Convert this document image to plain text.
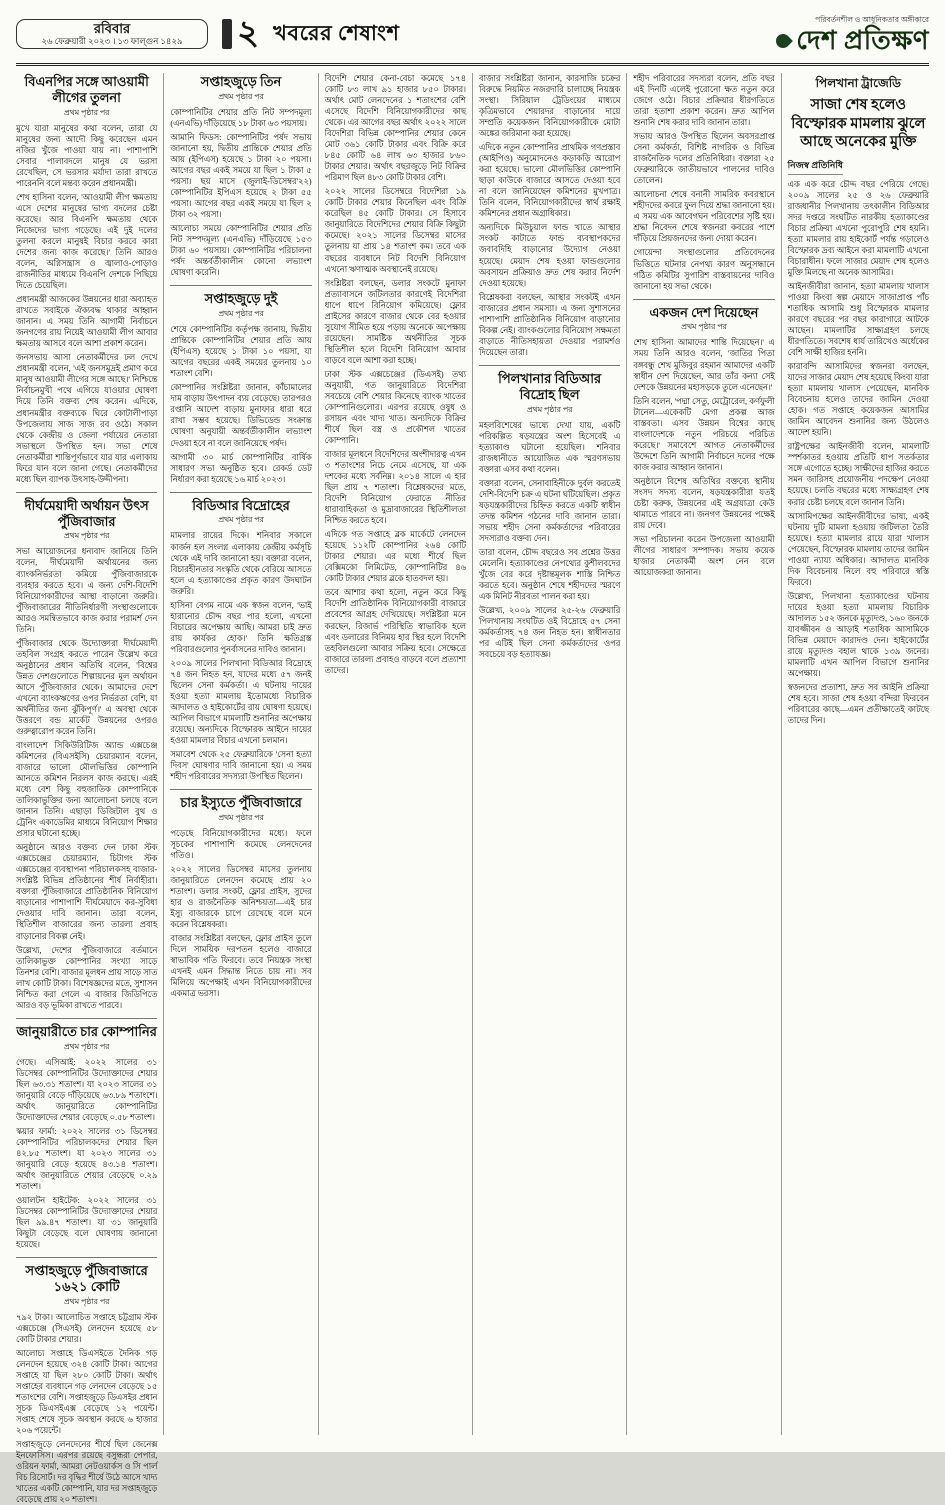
রবিবার
২৬ ফেব্রুয়ারী ২০২৩ । ১৩ ফাল্গুন ১৪২৯	২ খবরের শেষাংশ
পরিবর্তনশীল ও আধুনিকতার অঙ্গীকারে
দেশ প্রতিক্ষণ
বিএনপির সঙ্গে আওয়ামী লীগের তুলনা
প্রথম পৃষ্ঠার পর

মুখে যারা মানুষের কথা বলেন, তারা যে মানুষের জন্য আদৌ কিছু করেছেন এমন নজির খুঁজে পাওয়া যায় না। পাশাপাশি সেবার পালাবদলে মানুষ যে ভরসা রেখেছিল, সে ভরসার মর্যাদা তারা রাখতে পারেননি বলে মন্তব্য করেন প্রধানমন্ত্রী।

শেখ হাসিনা বলেন, 'আওয়ামী লীগ ক্ষমতায় এসে দেশের মানুষের ভাগ্য বদলের চেষ্টা করেছে। আর বিএনপি ক্ষমতায় থেকে নিজেদের ভাগ্য গড়েছে। এই দুই দলের তুলনা করলে মানুষই বিচার করবে কারা দেশের জন্য কাজ করেছে।' তিনি আরও বলেন, অগ্নিসন্ত্রাস ও জ্বালাও-পোড়াও রাজনীতির মাধ্যমে বিএনপি দেশকে পিছিয়ে দিতে চেয়েছিল।

প্রধানমন্ত্রী আজকের উন্নয়নের ধারা অব্যাহত রাখতে সবাইকে ঐক্যবদ্ধ থাকার আহ্বান জানান। এ সময় তিনি আগামী নির্বাচনে জনগণের রায় নিয়েই আওয়ামী লীগ আবার ক্ষমতায় আসবে বলে আশা প্রকাশ করেন।

জনসভায় আসা নেতাকর্মীদের ঢল দেখে প্রধানমন্ত্রী বলেন, 'এই জনসমুদ্রই প্রমাণ করে মানুষ আওয়ামী লীগের সঙ্গে আছে।' নিশ্চিন্তে নির্বাচনমুখী পথে এগিয়ে যাওয়ার ঘোষণা দিয়ে তিনি বক্তব্য শেষ করেন। এদিকে, প্রধানমন্ত্রীর বক্তব্যকে ঘিরে কোটালীপাড়া উপজেলায় সাজ সাজ রব ওঠে। সকাল থেকে কেন্দ্রীয় ও জেলা পর্যায়ের নেতারা সভাস্থলে উপস্থিত হন। সভা শেষে নেতাকর্মীরা শান্তিপূর্ণভাবে যার যার এলাকায় ফিরে যান বলে জানা গেছে। নেতাকর্মীদের মধ্যে ছিল ব্যাপক উৎসাহ-উদ্দীপনা।

দীর্ঘমেয়াদী অর্থায়ন উৎস পুঁজিবাজার
প্রথম পৃষ্ঠার পর

সভা আয়োজনের ধন্যবাদ জানিয়ে তিনি বলেন, দীর্ঘমেয়াদী অর্থায়নের জন্য ব্যাংকনির্ভরতা কমিয়ে পুঁজিবাজারকে ব্যবহার করতে হবে। এ জন্য দেশি-বিদেশি বিনিয়োগকারীদের আস্থা বাড়ানো জরুরি। পুঁজিবাজারের নীতিনির্ধারণী সংস্থাগুলোকে আরও সমন্বিতভাবে কাজ করার পরামর্শ দেন তিনি।

পুঁজিবাজার থেকে উদ্যোক্তারা দীর্ঘমেয়াদী তহবিল সংগ্রহ করতে পারেন উল্লেখ করে অনুষ্ঠানের প্রধান অতিথি বলেন, 'বিশ্বের উন্নত দেশগুলোতে শিল্পায়নের মূল অর্থায়ন আসে পুঁজিবাজার থেকে। আমাদের দেশে এখনো ব্যাংকঋণের ওপর নির্ভরতা বেশি, যা অর্থনীতির জন্য ঝুঁকিপূর্ণ।' এ অবস্থা থেকে উত্তরণে বন্ড মার্কেট উন্নয়নের ওপরও গুরুত্বারোপ করেন তিনি।

বাংলাদেশ সিকিউরিটিজ অ্যান্ড এক্সচেঞ্জ কমিশনের (বিএসইসি) চেয়ারম্যান বলেন, বাজারে ভালো মৌলভিত্তির কোম্পানি আনতে কমিশন নিরলস কাজ করছে। এরই মধ্যে বেশ কিছু বহুজাতিক কোম্পানিকে তালিকাভুক্তির জন্য আলোচনা চলছে বলে জানান তিনি। এছাড়া ডিজিটাল বুথ ও ট্রেনিং একাডেমির মাধ্যমে বিনিয়োগ শিক্ষার প্রসার ঘটানো হচ্ছে।

অনুষ্ঠানে আরও বক্তব্য দেন ঢাকা স্টক এক্সচেঞ্জের চেয়ারম্যান, চিটাগং স্টক এক্সচেঞ্জের ব্যবস্থাপনা পরিচালকসহ বাজার-সংশ্লিষ্ট বিভিন্ন প্রতিষ্ঠানের শীর্ষ নির্বাহীরা। বক্তারা পুঁজিবাজারে প্রাতিষ্ঠানিক বিনিয়োগ বাড়ানোর পাশাপাশি দীর্ঘমেয়াদে কর-সুবিধা দেওয়ার দাবি জানান। তারা বলেন, স্থিতিশীল বাজারের জন্য তারল্য প্রবাহ বাড়ানোর বিকল্প নেই।

উল্লেখ্য, দেশের পুঁজিবাজারে বর্তমানে তালিকাভুক্ত কোম্পানির সংখ্যা সাড়ে তিনশর বেশি। বাজার মূলধন প্রায় সাড়ে সাত লাখ কোটি টাকা। বিশেষজ্ঞদের মতে, সুশাসন নিশ্চিত করা গেলে এ বাজার জিডিপিতে আরও বড় ভূমিকা রাখতে পারবে।

জানুয়ারীতে চার কোম্পানির
প্রথম পৃষ্ঠার পর

গেছে। এসিআই: ২০২২ সালের ৩১ ডিসেম্বর কোম্পানিটির উদ্যোক্তাদের শেয়ার ছিল ৬৩.৩১ শতাংশ। যা ২০২৩ সালের ৩১ জানুয়ারি বেড়ে দাঁড়িয়েছে ৬৩.৮৯ শতাংশে। অর্থাৎ জানুয়ারিতে কোম্পানিটির উদ্যোক্তাদের শেয়ার বেড়েছে ০.৫৮ শতাংশ।

স্কয়ার ফার্মা: ২০২২ সালের ৩১ ডিসেম্বর কোম্পানিটির পরিচালকদের শেয়ার ছিল ৪২.৮৫ শতাংশ। যা ২০২৩ সালের ৩১ জানুয়ারি বেড়ে হয়েছে ৪৩.১৪ শতাংশ। অর্থাৎ জানুয়ারিতে শেয়ার বেড়েছে ০.২৯ শতাংশ।

ওয়ালটন হাইটেক: ২০২২ সালের ৩১ ডিসেম্বর কোম্পানিটির উদ্যোক্তাদের শেয়ার ছিল ৯৯.৪৭ শতাংশ। যা ৩১ জানুয়ারি কিছুটা বেড়েছে বলে ঘোষণায় জানানো হয়েছে।

সপ্তাহজুড়ে পুঁজিবাজারে ১৬২১ কোটি
প্রথম পৃষ্ঠার পর

৭৯২ টাকা। আলোচিত সপ্তাহে চট্টগ্রাম স্টক এক্সচেঞ্জে (সিএসই) লেনদেন হয়েছে ৫৮ কোটি টাকার শেয়ার।

আলোচ্য সপ্তাহে ডিএসইতে দৈনিক গড় লেনদেন হয়েছে ৩২৪ কোটি টাকা। আগের সপ্তাহে যা ছিল ২৮০ কোটি টাকা। অর্থাৎ সপ্তাহের ব্যবধানে গড় লেনদেন বেড়েছে ১৫ শতাংশের বেশি। সপ্তাহজুড়ে ডিএসইর প্রধান সূচক ডিএসইএক্স বেড়েছে ১২ পয়েন্ট। সপ্তাহ শেষে সূচক অবস্থান করছে ৬ হাজার ২০৬ পয়েন্টে।

সপ্তাহজুড়ে লেনদেনের শীর্ষে ছিল জেনেক্স ইনফোসিস। এরপর রয়েছে বসুন্ধরা পেপার, ওরিয়ন ফার্মা, আমরা নেটওয়ার্কস ও সি পার্ল বিচ রিসোর্ট। দর বৃদ্ধির শীর্ষে উঠে আসে খাদ্য খাতের একটি কোম্পানি, যার দর সপ্তাহজুড়ে বেড়েছে প্রায় ২০ শতাংশ।

সপ্তাহজুড়ে তিন
প্রথম পৃষ্ঠার পর

কোম্পানিটির শেয়ার প্রতি নিট সম্পদমূল্য (এনএভি) দাঁড়িয়েছে ১৮ টাকা ৬৩ পয়সায়।

আমানি ফিডস: কোম্পানিটির পর্ষদ সভায় জানানো হয়, দ্বিতীয় প্রান্তিকে শেয়ার প্রতি আয় (ইপিএস) হয়েছে ১ টাকা ২০ পয়সা। আগের বছর একই সময়ে যা ছিল ১ টাকা ৫ পয়সা। ছয় মাসে (জুলাই-ডিসেম্বর'২২) কোম্পানিটির ইপিএস হয়েছে ২ টাকা ৫৫ পয়সা। আগের বছর একই সময়ে যা ছিল ২ টাকা ৩২ পয়সা।

আলোচ্য সময়ে কোম্পানিটির শেয়ার প্রতি নিট সম্পদমূল্য (এনএভি) দাঁড়িয়েছে ১৫৩ টাকা ৬০ পয়সায়। কোম্পানিটির পরিচালনা পর্ষদ অন্তর্বর্তীকালীন কোনো লভ্যাংশ ঘোষণা করেনি।

সপ্তাহজুড়ে দুই
প্রথম পৃষ্ঠার পর

শেষে কোম্পানিটির কর্তৃপক্ষ জানায়, দ্বিতীয় প্রান্তিকে কোম্পানিটির শেয়ার প্রতি আয় (ইপিএস) হয়েছে ১ টাকা ১০ পয়সা, যা আগের বছরের একই সময়ের তুলনায় ১০ শতাংশ বেশি।

কোম্পানির সংশ্লিষ্টরা জানান, কাঁচামালের দাম বাড়ায় উৎপাদন ব্যয় বেড়েছে। তারপরও রপ্তানি আদেশ বাড়ায় মুনাফার ধারা ধরে রাখা সম্ভব হয়েছে। ডিভিডেন্ড সংক্রান্ত ঘোষণা অনুযায়ী অন্তর্বর্তীকালীন লভ্যাংশ দেওয়া হবে না বলে জানিয়েছে পর্ষদ।

আগামী ৩০ মার্চ কোম্পানিটির বার্ষিক সাধারণ সভা অনুষ্ঠিত হবে। রেকর্ড ডেট নির্ধারণ করা হয়েছে ১৬ মার্চ ২০২৩।

বিডিআর বিদ্রোহের
প্রথম পৃষ্ঠার পর

মামলার রায়ের দিকে। শনিবার সকালে কার্জন হল সংলগ্ন এলাকায় কেন্দ্রীয় কর্মসূচি থেকে এই দাবি জানানো হয়। বক্তারা বলেন, বিচারহীনতার সংস্কৃতি থেকে বেরিয়ে আসতে হলে এ হত্যাকাণ্ডের প্রকৃত কারণ উদঘাটন জরুরি।

হাসিনা বেগম নামে এক স্বজন বলেন, 'ভাই হারানোর চৌদ্দ বছর পার হলো, এখনো বিচারের অপেক্ষায় আছি। আমরা চাই দ্রুত রায় কার্যকর হোক।' তিনি ক্ষতিগ্রস্ত পরিবারগুলোর পুনর্বাসনের দাবিও জানান।

২০০৯ সালের পিলখানা বিডিআর বিদ্রোহে ৭৪ জন নিহত হন, যাদের মধ্যে ৫৭ জনই ছিলেন সেনা কর্মকর্তা। এ ঘটনায় দায়ের হওয়া হত্যা মামলায় ইতোমধ্যে বিচারিক আদালত ও হাইকোর্টের রায় ঘোষণা হয়েছে। আপিল বিভাগে মামলাটি শুনানির অপেক্ষায় রয়েছে। অন্যদিকে বিস্ফোরক আইনে দায়ের হওয়া মামলার বিচার এখনো চলমান।

সমাবেশ থেকে ২৫ ফেব্রুয়ারিকে 'সেনা হত্যা দিবস' ঘোষণার দাবি জানানো হয়। এ সময় শহীদ পরিবারের সদস্যরা উপস্থিত ছিলেন।

চার ইস্যুতে পুঁজিবাজারে
প্রথম পৃষ্ঠার পর

পড়েছে বিনিয়োগকারীদের মধ্যে। ফলে সূচকের পাশাপাশি কমেছে লেনদেনের গতিও।

২০২২ সালের ডিসেম্বর মাসের তুলনায় জানুয়ারিতে লেনদেন কমেছে প্রায় ২০ শতাংশ। ডলার সংকট, ফ্লোর প্রাইস, সুদের হার ও রাজনৈতিক অনিশ্চয়তা—এই চার ইস্যু বাজারকে চাপে রেখেছে বলে মনে করেন বিশ্লেষকরা।

বাজার সংশ্লিষ্টরা বলছেন, ফ্লোর প্রাইস তুলে দিলে সাময়িক দরপতন হলেও বাজারে স্বাভাবিক গতি ফিরবে। তবে নিয়ন্ত্রক সংস্থা এখনই এমন সিদ্ধান্ত নিতে চায় না। সব মিলিয়ে অপেক্ষাই এখন বিনিয়োগকারীদের একমাত্র ভরসা।

বিদেশি শেয়ার কেনা-বেচা কমেছে ১৭৪ কোটি ৮৩ লাখ ৯১ হাজার ৮৫০ টাকার। অর্থাৎ মোট লেনদেনের ১ শতাংশের বেশি এসেছে বিদেশি বিনিয়োগকারীদের কাছ থেকে। এর আগের বছর অর্থাৎ ২০২২ সালে বিদেশিরা বিভিন্ন কোম্পানির শেয়ার কেনে মোট ৩৬১ কোটি টাকার এবং বিক্রি করে ৮৪৫ কোটি ৬৪ লাখ ৬৩ হাজার ৮৬০ টাকার শেয়ার। অর্থাৎ বছরজুড়ে নিট বিক্রির পরিমাণ ছিল ৪৮৩ কোটি টাকার বেশি।

২০২২ সালের ডিসেম্বরে বিদেশিরা ১৯ কোটি টাকার শেয়ার কিনেছিল এবং বিক্রি করেছিল ৪৫ কোটি টাকার। সে হিসাবে জানুয়ারিতে বিদেশিদের শেয়ার বিক্রি কিছুটা কমেছে। ২০২১ সালের ডিসেম্বর মাসের তুলনায় যা প্রায় ১৪ শতাংশ কম। তবে এক বছরের ব্যবধানে নিট বিদেশি বিনিয়োগ এখনো ঋণাত্মক অবস্থানেই রয়েছে।

সংশ্লিষ্টরা বলছেন, ডলার সংকটে মুনাফা প্রত্যাবাসনে জটিলতার কারণেই বিদেশিরা ধাপে ধাপে বিনিয়োগ কমিয়েছে। ফ্লোর প্রাইসের কারণে বাজার থেকে বের হওয়ার সুযোগ সীমিত হয়ে পড়ায় অনেকে অপেক্ষায় রয়েছেন। সামষ্টিক অর্থনীতির সূচক স্থিতিশীল হলে বিদেশি বিনিয়োগ আবার বাড়বে বলে আশা করা হচ্ছে।

ঢাকা স্টক এক্সচেঞ্জের (ডিএসই) তথ্য অনুযায়ী, গত জানুয়ারিতে বিদেশিরা সবচেয়ে বেশি শেয়ার কিনেছে ব্যাংক খাতের কোম্পানিগুলোর। এরপর রয়েছে ওষুধ ও রসায়ন এবং খাদ্য খাত। অন্যদিকে বিক্রির শীর্ষে ছিল বস্ত্র ও প্রকৌশল খাতের কোম্পানি।

বাজার মূলধনে বিদেশিদের অংশীদারত্ব এখন ৩ শতাংশের নিচে নেমে এসেছে, যা এক দশকের মধ্যে সর্বনিম্ন। ২০১৪ সালে এ হার ছিল প্রায় ৭ শতাংশ। বিশ্লেষকদের মতে, বিদেশি বিনিয়োগ ফেরাতে নীতির ধারাবাহিকতা ও মুদ্রাবাজারের স্থিতিশীলতা নিশ্চিত করতে হবে।

এদিকে গত সপ্তাহে ব্লক মার্কেটে লেনদেন হয়েছে ১১২টি কোম্পানির ২৬৪ কোটি টাকার শেয়ার। এর মধ্যে শীর্ষে ছিল বেক্সিমকো লিমিটেড, কোম্পানিটির ৪৬ কোটি টাকার শেয়ার ব্লকে হাতবদল হয়।

তবে আশার কথা হলো, নতুন করে কিছু বিদেশি প্রাতিষ্ঠানিক বিনিয়োগকারী বাজারে প্রবেশের আগ্রহ দেখিয়েছে। সংশ্লিষ্টরা মনে করছেন, রিজার্ভ পরিস্থিতি স্বাভাবিক হলে এবং ডলারের বিনিময় হার স্থির হলে বিদেশি তহবিলগুলো আবার সক্রিয় হবে। সেক্ষেত্রে বাজারে তারল্য প্রবাহও বাড়বে বলে প্রত্যাশা তাদের।

বাজার সংশ্লিষ্টরা জানান, কারসাজি চক্রের বিরুদ্ধে নিয়মিত নজরদারি চালাচ্ছে নিয়ন্ত্রক সংস্থা। সিরিয়াল ট্রেডিংয়ের মাধ্যমে কৃত্রিমভাবে শেয়ারদর বাড়ানোর দায়ে সম্প্রতি কয়েকজন বিনিয়োগকারীকে মোটা অঙ্কের জরিমানা করা হয়েছে।

এদিকে নতুন কোম্পানির প্রাথমিক গণপ্রস্তাব (আইপিও) অনুমোদনেও কড়াকড়ি আরোপ করা হয়েছে। ভালো মৌলভিত্তির কোম্পানি ছাড়া কাউকে বাজারে আসতে দেওয়া হবে না বলে জানিয়েছেন কমিশনের মুখপাত্র। তিনি বলেন, বিনিয়োগকারীদের স্বার্থ রক্ষাই কমিশনের প্রধান অগ্রাধিকার।

অন্যদিকে মিউচুয়াল ফান্ড খাতে আস্থার সংকট কাটাতে ফান্ড ব্যবস্থাপকদের জবাবদিহি বাড়ানোর উদ্যোগ নেওয়া হয়েছে। মেয়াদ শেষ হওয়া ফান্ডগুলোর অবসায়ন প্রক্রিয়াও দ্রুত শেষ করার নির্দেশ দেওয়া হয়েছে।

বিশ্লেষকরা বলছেন, আস্থার সংকটই এখন বাজারের প্রধান সমস্যা। এ জন্য সুশাসনের পাশাপাশি প্রাতিষ্ঠানিক বিনিয়োগ বাড়ানোর বিকল্প নেই। ব্যাংকগুলোর বিনিয়োগ সক্ষমতা বাড়াতে নীতিসহায়তা দেওয়ার পরামর্শও দিয়েছেন তারা।

পিলখানার বিডিআর বিদ্রোহ ছিল
প্রথম পৃষ্ঠার পর

মহলবিশেষের ভাষ্যে দেখা যায়, একটি পরিকল্পিত ষড়যন্ত্রের অংশ হিসেবেই এ হত্যাকাণ্ড ঘটানো হয়েছিল। শনিবার রাজধানীতে আয়োজিত এক স্মরণসভায় বক্তারা এসব কথা বলেন।

বক্তারা বলেন, সেনাবাহিনীকে দুর্বল করতেই দেশি-বিদেশি চক্র এ ঘটনা ঘটিয়েছিল। প্রকৃত ষড়যন্ত্রকারীদের চিহ্নিত করতে একটি স্বাধীন তদন্ত কমিশন গঠনের দাবি জানান তারা। সভায় শহীদ সেনা কর্মকর্তাদের পরিবারের সদস্যরাও বক্তব্য দেন।

তারা বলেন, চৌদ্দ বছরেও সব প্রশ্নের উত্তর মেলেনি। হত্যাকাণ্ডের নেপথ্যের কুশীলবদের খুঁজে বের করে দৃষ্টান্তমূলক শাস্তি নিশ্চিত করতে হবে। অনুষ্ঠান শেষে শহীদদের স্মরণে এক মিনিট নীরবতা পালন করা হয়।

উল্লেখ্য, ২০০৯ সালের ২৫-২৬ ফেব্রুয়ারি পিলখানায় সংঘটিত ওই বিদ্রোহে ৫৭ সেনা কর্মকর্তাসহ ৭৪ জন নিহত হন। স্বাধীনতার পর এটিই ছিল সেনা কর্মকর্তাদের ওপর সবচেয়ে বড় হত্যাযজ্ঞ।

শহীদ পরিবারের সদস্যরা বলেন, প্রতি বছর এই দিনটি এলেই পুরোনো ক্ষত নতুন করে জেগে ওঠে। বিচার প্রক্রিয়ার ধীরগতিতে তারা হতাশা প্রকাশ করেন। দ্রুত আপিল শুনানি শেষ করার দাবি জানান তারা।

সভায় আরও উপস্থিত ছিলেন অবসরপ্রাপ্ত সেনা কর্মকর্তা, বিশিষ্ট নাগরিক ও বিভিন্ন রাজনৈতিক দলের প্রতিনিধিরা। বক্তারা ২৫ ফেব্রুয়ারিকে জাতীয়ভাবে পালনের দাবিও তোলেন।

আলোচনা শেষে বনানী সামরিক কবরস্থানে শহীদদের কবরে ফুল দিয়ে শ্রদ্ধা জানানো হয়। এ সময় এক আবেগঘন পরিবেশের সৃষ্টি হয়। শ্রদ্ধা নিবেদন শেষে স্বজনরা কবরের পাশে দাঁড়িয়ে প্রিয়জনদের জন্য দোয়া করেন।

গোয়েন্দা সংস্থাগুলোর প্রতিবেদনের ভিত্তিতে ঘটনার নেপথ্য কারণ অনুসন্ধানে গঠিত কমিটির সুপারিশ বাস্তবায়নের দাবিও জানানো হয় সভা থেকে।

একজন দেশ দিয়েছেন
প্রথম পৃষ্ঠার পর

শেখ হাসিনা আমাদের শান্তি দিয়েছেন।' এ সময় তিনি আরও বলেন, 'জাতির পিতা বঙ্গবন্ধু শেখ মুজিবুর রহমান আমাদের একটি স্বাধীন দেশ দিয়েছেন, আর তাঁর কন্যা সেই দেশকে উন্নয়নের মহাসড়কে তুলে এনেছেন।'

তিনি বলেন, 'পদ্মা সেতু, মেট্রোরেল, কর্ণফুলী টানেল—একেকটি মেগা প্রকল্প আজ বাস্তবতা। এসব উন্নয়ন বিশ্বের কাছে বাংলাদেশকে নতুন পরিচয়ে পরিচিত করেছে।' সমাবেশে আগত নেতাকর্মীদের উদ্দেশে তিনি আগামী নির্বাচনে দলের পক্ষে কাজ করার আহ্বান জানান।

অনুষ্ঠানে বিশেষ অতিথির বক্তব্যে স্থানীয় সংসদ সদস্য বলেন, ষড়যন্ত্রকারীরা যতই চেষ্টা করুক, উন্নয়নের এই অগ্রযাত্রা কেউ থামাতে পারবে না। জনগণ উন্নয়নের পক্ষেই রায় দেবে।

সভা পরিচালনা করেন উপজেলা আওয়ামী লীগের সাধারণ সম্পাদক। সভায় কয়েক হাজার নেতাকর্মী অংশ নেন বলে আয়োজকরা জানান।

পিলখানা ট্রাজেডি
সাজা শেষ হলেও বিস্ফোরক মামলায় ঝুলে আছে অনেকের মুক্তি
নিজস্ব প্রতিনিধি

এক এক করে চৌদ্দ বছর পেরিয়ে গেছে। ২০০৯ সালের ২৫ ও ২৬ ফেব্রুয়ারি রাজধানীর পিলখানায় তৎকালীন বিডিআর সদর দপ্তরে সংঘটিত নারকীয় হত্যাকাণ্ডের বিচার প্রক্রিয়া এখনো পুরোপুরি শেষ হয়নি। হত্যা মামলার রায় হাইকোর্ট পর্যন্ত গড়ালেও বিস্ফোরক দ্রব্য আইনে করা মামলাটি এখনো বিচারাধীন। ফলে সাজার মেয়াদ শেষ হলেও মুক্তি মিলছে না অনেক আসামির।

আইনজীবীরা জানান, হত্যা মামলায় খালাস পাওয়া কিংবা স্বল্প মেয়াদে সাজাপ্রাপ্ত পাঁচ শতাধিক আসামি শুধু বিস্ফোরক মামলার কারণে বছরের পর বছর কারাগারে আটকে আছেন। মামলাটির সাক্ষ্যগ্রহণ চলছে ধীরগতিতে। সবশেষ ধার্য তারিখেও অর্ধেকের বেশি সাক্ষী হাজির হননি।

কারাবন্দি আসামিদের স্বজনরা বলছেন, যাদের সাজার মেয়াদ শেষ হয়েছে কিংবা যারা হত্যা মামলায় খালাস পেয়েছেন, মানবিক বিবেচনায় হলেও তাদের জামিন দেওয়া হোক। গত সপ্তাহে কয়েকজন আসামির জামিন আবেদন শুনানির জন্য উঠলেও আদেশ হয়নি।

রাষ্ট্রপক্ষের আইনজীবী বলেন, মামলাটি স্পর্শকাতর হওয়ায় প্রতিটি ধাপ সতর্কতার সঙ্গে এগোতে হচ্ছে। সাক্ষীদের হাজির করতে সমন জারিসহ প্রয়োজনীয় পদক্ষেপ নেওয়া হয়েছে। চলতি বছরের মধ্যে সাক্ষ্যগ্রহণ শেষ করার চেষ্টা চলছে বলে জানান তিনি।

আসামিপক্ষের আইনজীবীদের ভাষ্য, একই ঘটনায় দুটি মামলা হওয়ায় জটিলতা তৈরি হয়েছে। হত্যা মামলার রায়ে যারা খালাস পেয়েছেন, বিস্ফোরক মামলায় তাদের জামিন পাওয়া ন্যায্য অধিকার। আদালত মানবিক দিক বিবেচনায় নিলে বহু পরিবারে স্বস্তি ফিরবে।

উল্লেখ্য, পিলখানা হত্যাকাণ্ডের ঘটনায় দায়ের হওয়া হত্যা মামলায় বিচারিক আদালত ১৫২ জনকে মৃত্যুদণ্ড, ১৬০ জনকে যাবজ্জীবন ও আড়াই শতাধিক আসামিকে বিভিন্ন মেয়াদে কারাদণ্ড দেন। হাইকোর্টের রায়ে মৃত্যুদণ্ড বহাল থাকে ১৩৯ জনের। মামলাটি এখন আপিল বিভাগে শুনানির অপেক্ষায়।

স্বজনদের প্রত্যাশা, দ্রুত সব আইনি প্রক্রিয়া শেষ হবে। সাজা শেষ হওয়া বন্দিরা ফিরবেন পরিবারের কাছে—এমন প্রতীক্ষাতেই কাটছে তাদের দিন।
